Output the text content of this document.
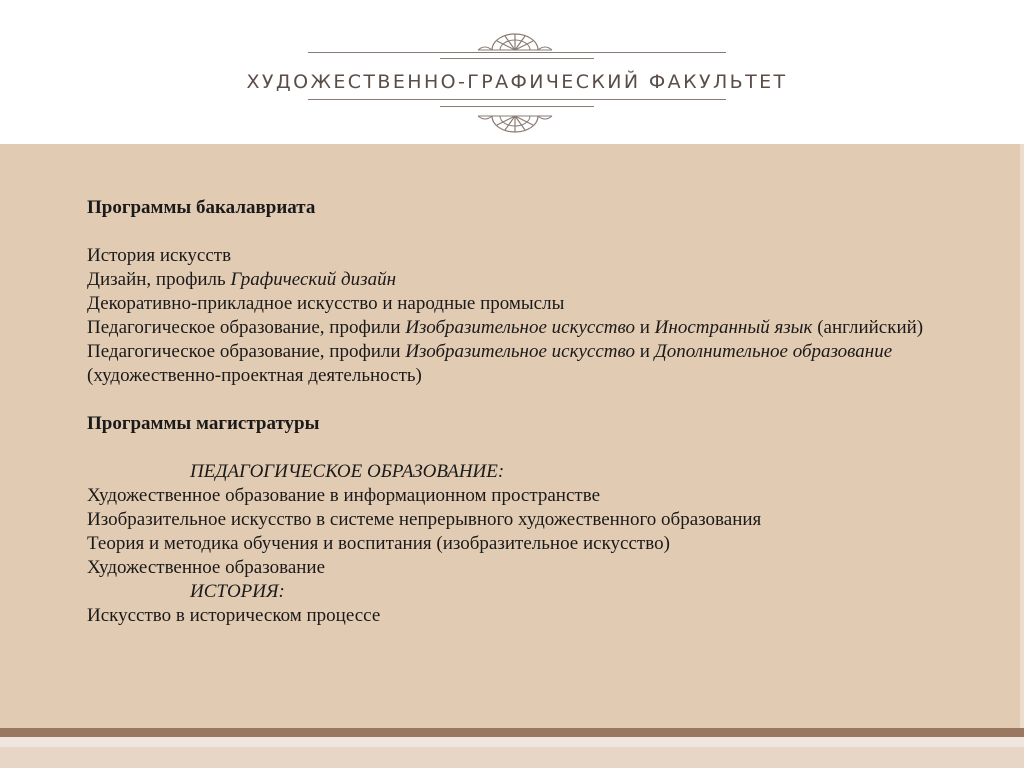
ХУДОЖЕСТВЕННО-ГРАФИЧЕСКИЙ ФАКУЛЬТЕТ

Программы бакалавриата

История искусств

Дизайн, профиль Графический дизайн

Декоративно-прикладное искусство и народные промыслы

Педагогическое образование, профили Изобразительное искусство и Иностранный язык (английский)

Педагогическое образование, профили Изобразительное искусство и Дополнительное образование (художественно-проектная деятельность)

Программы магистратуры

ПЕДАГОГИЧЕСКОЕ ОБРАЗОВАНИЕ:

Художественное образование в информационном пространстве

Изобразительное искусство в системе непрерывного художественного образования

Теория и методика обучения и воспитания (изобразительное искусство)

Художественное образование

ИСТОРИЯ:

Искусство в историческом процессе
